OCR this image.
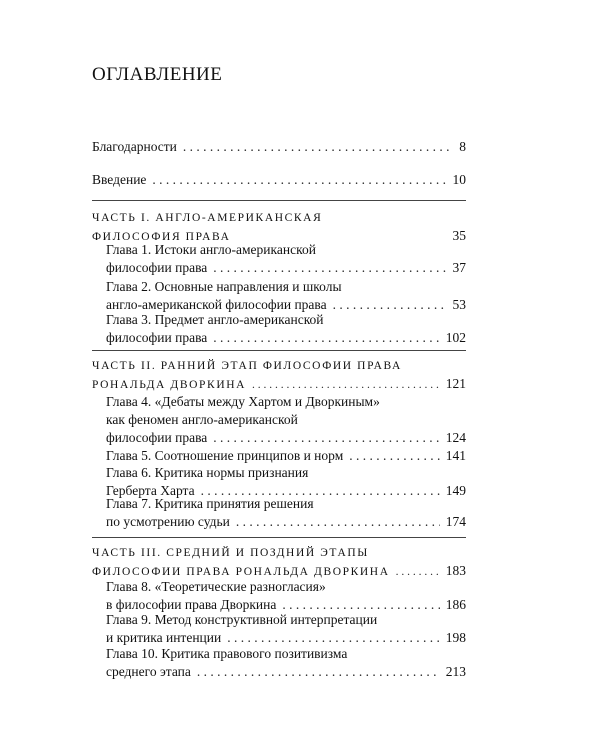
ОГЛАВЛЕНИЕ
Благодарности . . .	8
Введение . . .	10
ЧАСТЬ I. АНГЛО-АМЕРИКАНСКАЯ
ФИЛОСОФИЯ ПРАВА	35
Глава 1. Истоки англо-американской
философии права . . .	37
Глава 2. Основные направления и школы
англо-американской философии права . . .	53
Глава 3. Предмет англо-американской
философии права . . .	102
ЧАСТЬ II. РАННИЙ ЭТАП ФИЛОСОФИИ ПРАВА
РОНАЛЬДА ДВОРКИНА . . .	121
Глава 4. «Дебаты между Хартом и Дворкиным»
как феномен англо-американской
философии права . . .	124
Глава 5. Соотношение принципов и норм . . .	141
Глава 6. Критика нормы признания
Герберта Харта . . .	149
Глава 7. Критика принятия решения
по усмотрению судьи . . .	174
ЧАСТЬ III. СРЕДНИЙ И ПОЗДНИЙ ЭТАПЫ
ФИЛОСОФИИ ПРАВА РОНАЛЬДА ДВОРКИНА . . .	183
Глава 8. «Теоретические разногласия»
в философии права Дворкина . . .	186
Глава 9. Метод конструктивной интерпретации
и критика интенции . . .	198
Глава 10. Критика правового позитивизма
среднего этапа . . .	213
